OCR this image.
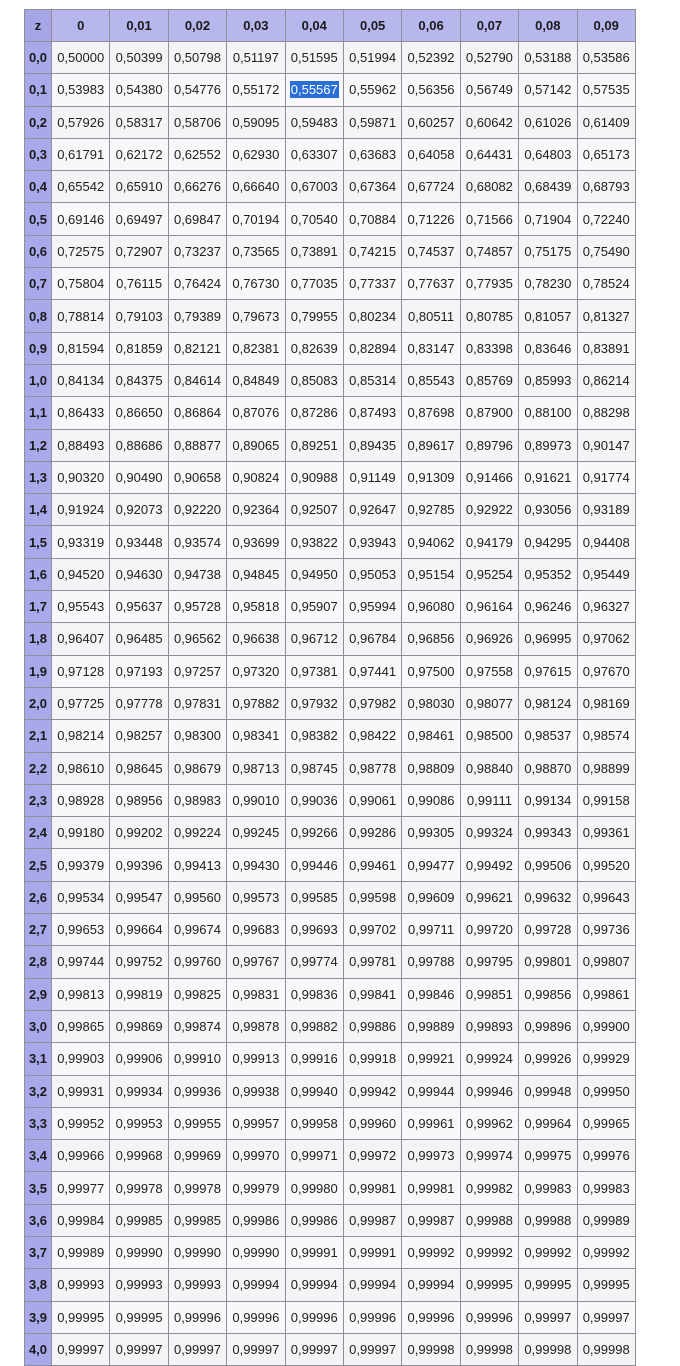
z	0	0,01	0,02	0,03	0,04	0,05	0,06	0,07	0,08	0,09
0,0	0,50000	0,50399	0,50798	0,51197	0,51595	0,51994	0,52392	0,52790	0,53188	0,53586
0,1	0,53983	0,54380	0,54776	0,55172	0,55567	0,55962	0,56356	0,56749	0,57142	0,57535
0,2	0,57926	0,58317	0,58706	0,59095	0,59483	0,59871	0,60257	0,60642	0,61026	0,61409
0,3	0,61791	0,62172	0,62552	0,62930	0,63307	0,63683	0,64058	0,64431	0,64803	0,65173
0,4	0,65542	0,65910	0,66276	0,66640	0,67003	0,67364	0,67724	0,68082	0,68439	0,68793
0,5	0,69146	0,69497	0,69847	0,70194	0,70540	0,70884	0,71226	0,71566	0,71904	0,72240
0,6	0,72575	0,72907	0,73237	0,73565	0,73891	0,74215	0,74537	0,74857	0,75175	0,75490
0,7	0,75804	0,76115	0,76424	0,76730	0,77035	0,77337	0,77637	0,77935	0,78230	0,78524
0,8	0,78814	0,79103	0,79389	0,79673	0,79955	0,80234	0,80511	0,80785	0,81057	0,81327
0,9	0,81594	0,81859	0,82121	0,82381	0,82639	0,82894	0,83147	0,83398	0,83646	0,83891
1,0	0,84134	0,84375	0,84614	0,84849	0,85083	0,85314	0,85543	0,85769	0,85993	0,86214
1,1	0,86433	0,86650	0,86864	0,87076	0,87286	0,87493	0,87698	0,87900	0,88100	0,88298
1,2	0,88493	0,88686	0,88877	0,89065	0,89251	0,89435	0,89617	0,89796	0,89973	0,90147
1,3	0,90320	0,90490	0,90658	0,90824	0,90988	0,91149	0,91309	0,91466	0,91621	0,91774
1,4	0,91924	0,92073	0,92220	0,92364	0,92507	0,92647	0,92785	0,92922	0,93056	0,93189
1,5	0,93319	0,93448	0,93574	0,93699	0,93822	0,93943	0,94062	0,94179	0,94295	0,94408
1,6	0,94520	0,94630	0,94738	0,94845	0,94950	0,95053	0,95154	0,95254	0,95352	0,95449
1,7	0,95543	0,95637	0,95728	0,95818	0,95907	0,95994	0,96080	0,96164	0,96246	0,96327
1,8	0,96407	0,96485	0,96562	0,96638	0,96712	0,96784	0,96856	0,96926	0,96995	0,97062
1,9	0,97128	0,97193	0,97257	0,97320	0,97381	0,97441	0,97500	0,97558	0,97615	0,97670
2,0	0,97725	0,97778	0,97831	0,97882	0,97932	0,97982	0,98030	0,98077	0,98124	0,98169
2,1	0,98214	0,98257	0,98300	0,98341	0,98382	0,98422	0,98461	0,98500	0,98537	0,98574
2,2	0,98610	0,98645	0,98679	0,98713	0,98745	0,98778	0,98809	0,98840	0,98870	0,98899
2,3	0,98928	0,98956	0,98983	0,99010	0,99036	0,99061	0,99086	0,99111	0,99134	0,99158
2,4	0,99180	0,99202	0,99224	0,99245	0,99266	0,99286	0,99305	0,99324	0,99343	0,99361
2,5	0,99379	0,99396	0,99413	0,99430	0,99446	0,99461	0,99477	0,99492	0,99506	0,99520
2,6	0,99534	0,99547	0,99560	0,99573	0,99585	0,99598	0,99609	0,99621	0,99632	0,99643
2,7	0,99653	0,99664	0,99674	0,99683	0,99693	0,99702	0,99711	0,99720	0,99728	0,99736
2,8	0,99744	0,99752	0,99760	0,99767	0,99774	0,99781	0,99788	0,99795	0,99801	0,99807
2,9	0,99813	0,99819	0,99825	0,99831	0,99836	0,99841	0,99846	0,99851	0,99856	0,99861
3,0	0,99865	0,99869	0,99874	0,99878	0,99882	0,99886	0,99889	0,99893	0,99896	0,99900
3,1	0,99903	0,99906	0,99910	0,99913	0,99916	0,99918	0,99921	0,99924	0,99926	0,99929
3,2	0,99931	0,99934	0,99936	0,99938	0,99940	0,99942	0,99944	0,99946	0,99948	0,99950
3,3	0,99952	0,99953	0,99955	0,99957	0,99958	0,99960	0,99961	0,99962	0,99964	0,99965
3,4	0,99966	0,99968	0,99969	0,99970	0,99971	0,99972	0,99973	0,99974	0,99975	0,99976
3,5	0,99977	0,99978	0,99978	0,99979	0,99980	0,99981	0,99981	0,99982	0,99983	0,99983
3,6	0,99984	0,99985	0,99985	0,99986	0,99986	0,99987	0,99987	0,99988	0,99988	0,99989
3,7	0,99989	0,99990	0,99990	0,99990	0,99991	0,99991	0,99992	0,99992	0,99992	0,99992
3,8	0,99993	0,99993	0,99993	0,99994	0,99994	0,99994	0,99994	0,99995	0,99995	0,99995
3,9	0,99995	0,99995	0,99996	0,99996	0,99996	0,99996	0,99996	0,99996	0,99997	0,99997
4,0	0,99997	0,99997	0,99997	0,99997	0,99997	0,99997	0,99998	0,99998	0,99998	0,99998
